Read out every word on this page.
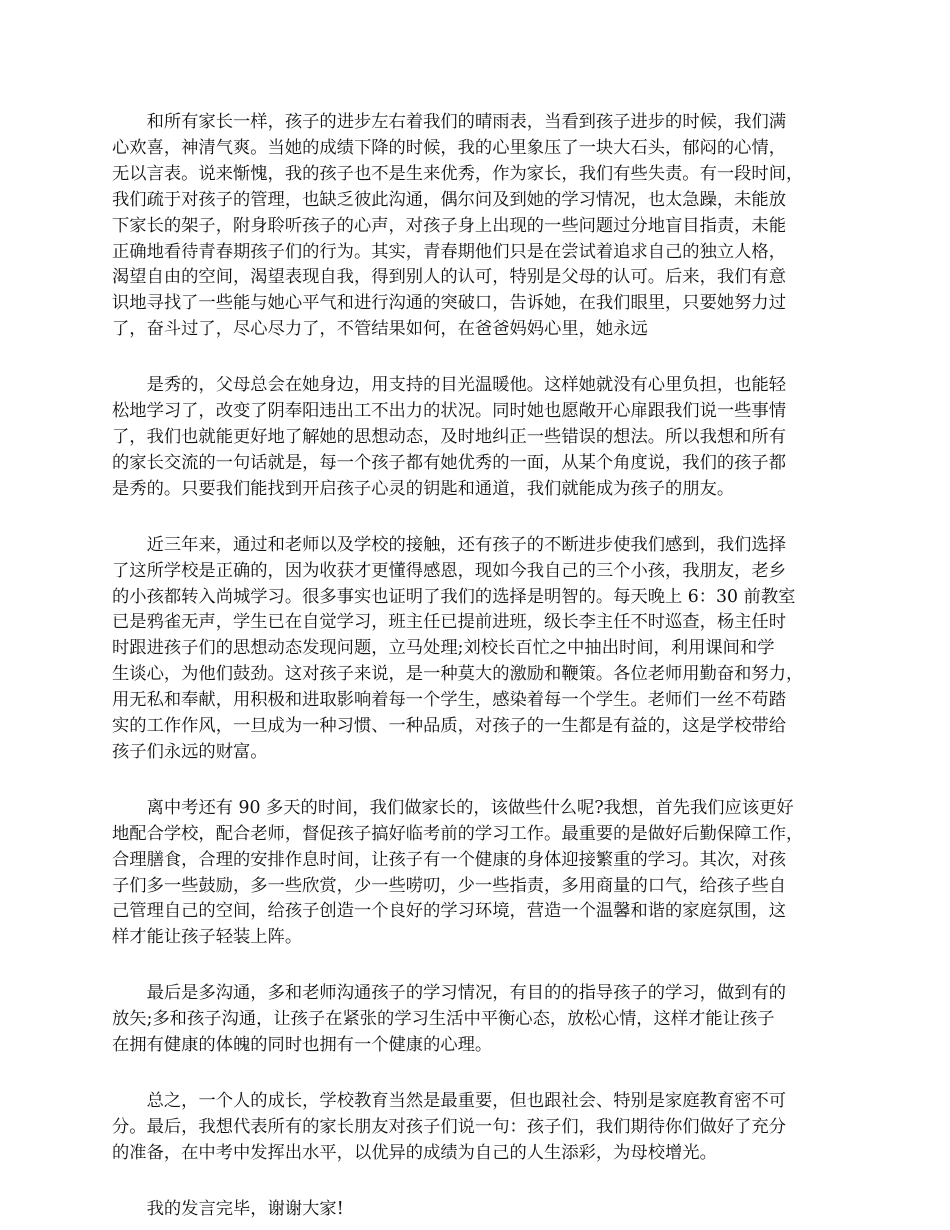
和所有家长一样，孩子的进步左右着我们的晴雨表，当看到孩子进步的时候，我们满
心欢喜，神清气爽。当她的成绩下降的时候，我的心里象压了一块大石头，郁闷的心情，
无以言表。说来惭愧，我的孩子也不是生来优秀，作为家长，我们有些失责。有一段时间，
我们疏于对孩子的管理，也缺乏彼此沟通，偶尔问及到她的学习情况，也太急躁，未能放
下家长的架子，附身聆听孩子的心声，对孩子身上出现的一些问题过分地盲目指责，未能
正确地看待青春期孩子们的行为。其实，青春期他们只是在尝试着追求自己的独立人格，
渴望自由的空间，渴望表现自我，得到别人的认可，特别是父母的认可。后来，我们有意
识地寻找了一些能与她心平气和进行沟通的突破口，告诉她，在我们眼里，只要她努力过
了，奋斗过了，尽心尽力了，不管结果如何，在爸爸妈妈心里，她永远

是秀的，父母总会在她身边，用支持的目光温暖他。这样她就没有心里负担，也能轻
松地学习了，改变了阴奉阳违出工不出力的状况。同时她也愿敞开心扉跟我们说一些事情
了，我们也就能更好地了解她的思想动态，及时地纠正一些错误的想法。所以我想和所有
的家长交流的一句话就是，每一个孩子都有她优秀的一面，从某个角度说，我们的孩子都
是秀的。只要我们能找到开启孩子心灵的钥匙和通道，我们就能成为孩子的朋友。

近三年来，通过和老师以及学校的接触，还有孩子的不断进步使我们感到，我们选择
了这所学校是正确的，因为收获才更懂得感恩，现如今我自己的三个小孩，我朋友，老乡
的小孩都转入尚城学习。很多事实也证明了我们的选择是明智的。每天晚上 6：30 前教室
已是鸦雀无声，学生已在自觉学习，班主任已提前进班，级长李主任不时巡查，杨主任时
时跟进孩子们的思想动态发现问题，立马处理;刘校长百忙之中抽出时间，利用课间和学
生谈心，为他们鼓劲。这对孩子来说，是一种莫大的激励和鞭策。各位老师用勤奋和努力，
用无私和奉献，用积极和进取影响着每一个学生，感染着每一个学生。老师们一丝不苟踏
实的工作作风，一旦成为一种习惯、一种品质，对孩子的一生都是有益的，这是学校带给
孩子们永远的财富。

离中考还有 90 多天的时间，我们做家长的，该做些什么呢?我想，首先我们应该更好
地配合学校，配合老师，督促孩子搞好临考前的学习工作。最重要的是做好后勤保障工作，
合理膳食，合理的安排作息时间，让孩子有一个健康的身体迎接繁重的学习。其次，对孩
子们多一些鼓励，多一些欣赏，少一些唠叨，少一些指责，多用商量的口气，给孩子些自
己管理自己的空间，给孩子创造一个良好的学习环境，营造一个温馨和谐的家庭氛围，这
样才能让孩子轻装上阵。

最后是多沟通，多和老师沟通孩子的学习情况，有目的的指导孩子的学习，做到有的
放矢;多和孩子沟通，让孩子在紧张的学习生活中平衡心态，放松心情，这样才能让孩子
在拥有健康的体魄的同时也拥有一个健康的心理。

总之，一个人的成长，学校教育当然是最重要，但也跟社会、特别是家庭教育密不可
分。最后，我想代表所有的家长朋友对孩子们说一句：孩子们，我们期待你们做好了充分
的准备，在中考中发挥出水平，以优异的成绩为自己的人生添彩，为母校增光。

我的发言完毕，谢谢大家!
